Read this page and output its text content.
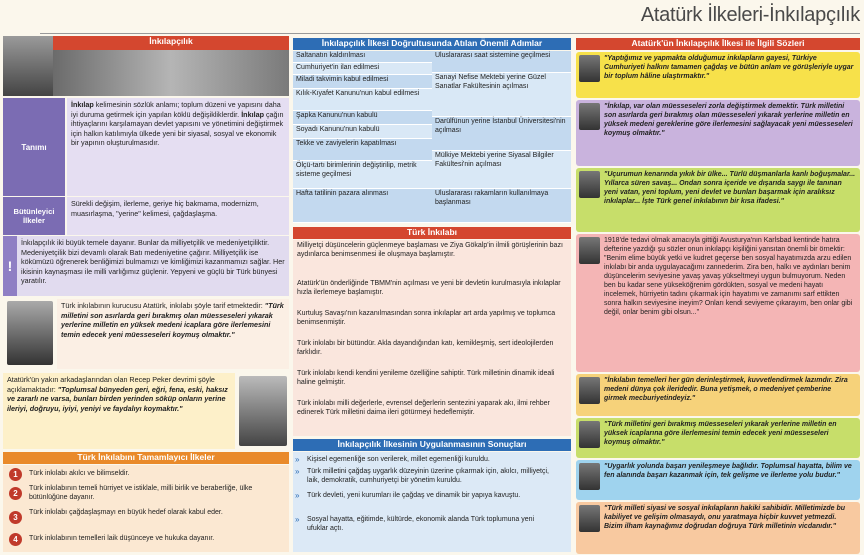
Atatürk İlkeleri-İnkılapçılık
İnkılapçılık
Tanımı
İnkılap kelimesinin sözlük anlamı; toplum düzeni ve yapısını daha iyi duruma getirmek için yapılan köklü değişikliklerdir. İnkılap çağın ihtiyaçlarını karşılamayan devlet yapısını ve yönetimini değiştirmek için halkın katılımıyla ülkede yeni bir siyasal, sosyal ve ekonomik bir yapının oluşturulmasıdır.
Bütünleyici İlkeler
Sürekli değişim, ilerleme, geriye hiç bakmama, modernizm, muasırlaşma, "yerine" kelimesi, çağdaşlaşma.
!
İnkılapçılık iki büyük temele dayanır. Bunlar da milliyetçilik ve medeniyetçiliktir. Medeniyetçilik bizi devamlı olarak Batı medeniyetine çağırır. Milliyetçilik ise kökümüzü öğrenerek benliğimizi bulmamızı ve kimliğimizi kazanmamızı sağlar. Her ikisinin kaynaşması ile milli varlığımız güçlenir. Yepyeni ve güçlü bir Türk bünyesi yaratılır.
Türk inkılabının kurucusu Atatürk, inkılabı şöyle tarif etmektedir: "Türk milletini son asırlarda geri bırakmış olan müesseseleri yıkarak yerlerine milletin en yüksek medeni icaplara göre ilerlemesini temin edecek yeni müesseseleri koymuş olmaktır."
Atatürk'ün yakın arkadaşlarından olan Recep Peker devrimi şöyle açıklamaktadır: "Toplumsal bünyeden geri, eğri, fena, eski, haksız ve zararlı ne varsa, bunları birden yerinden söküp onların yerine ileriyi, doğruyu, iyiyi, yeniyi ve faydalıyı koymaktır."
Türk İnkılabını Tamamlayıcı İlkeler
1	Türk inkılabı akılcı ve bilimseldir.
2
Türk inkılabının temeli hürriyet ve istiklale, milli birlik ve beraberliğe, ülke bütünlüğüne dayanır.
3
Türk inkılabı çağdaşlaşmayı en büyük hedef olarak kabul eder.
4	Türk inkılabının temelleri laik düşünceye ve hukuka dayanır.
İnkılapçılık İlkesi Doğrultusunda Atılan Önemli Adımlar
Saltanatın kaldırılması
Cumhuriyet'in ilan edilmesi
Miladi takvimin kabul edilmesi
Kılık-Kıyafet Kanunu'nun kabul edilmesi
Şapka Kanunu'nun kabulü
Soyadı Kanunu'nun kabulü
Tekke ve zaviyelerin kapatılması
Ölçü-tartı birimlerinin değiştirilip, metrik sisteme geçilmesi
Hafta tatilinin pazara alınması
Uluslararası saat sistemine geçilmesi
Sanayi Nefise Mektebi yerine Güzel Sanatlar Fakültesinin açılması
Darülfünun yerine İstanbul Üniversitesi'nin açılması
Mülkiye Mektebi yerine Siyasal Bilgiler Fakültesi'nin açılması
Uluslararası rakamların kullanılmaya başlanması
Türk İnkılabı
Milliyetçi düşüncelerin güçlenmeye başlaması ve Ziya Gökalp'in ilmili görüşlerinin bazı aydınlarca benimsenmesi ile oluşmaya başlamıştır.
Atatürk'ün önderliğinde TBMM'nin açılması ve yeni bir devletin kurulmasıyla inkılaplar hızla ilerlemeye başlamıştır.
Kurtuluş Savaşı'nın kazanılmasından sonra inkılaplar art arda yapılmış ve toplumca benimsenmiştir.
Türk inkılabı bir bütündür. Akla dayandığından katı, kemikleşmiş, sert ideolojilerden farklıdır.
Türk inkılabı kendi kendini yenileme özelliğine sahiptir. Türk milletinin dinamik ideali haline gelmiştir.
Türk inkılabı milli değerlerle, evrensel değerlerin sentezini yaparak akı, ilmi rehber edinerek Türk milletini daima ileri götürmeyi hedeflemiştir.
İnkılapçılık İlkesinin Uygulanmasının Sonuçları
» Kişisel egemenliğe son verilerek, millet egemenliği kuruldu.
» Türk milletini çağdaş uygarlık düzeyinin üzerine çıkarmak için, akılcı, milliyetçi, laik, demokratik, cumhuriyetçi bir yönetim kuruldu.
» Türk devleti, yeni kurumları ile çağdaş ve dinamik bir yapıya kavuştu.
» Sosyal hayatta, eğitimde, kültürde, ekonomik alanda Türk toplumuna yeni ufuklar açtı.
Atatürk'ün İnkılapçılık İlkesi ile İlgili Sözleri
"Yaptığımız ve yapmakta olduğumuz inkılapların gayesi, Türkiye Cumhuriyeti halkını tamamen çağdaş ve bütün anlam ve görüşleriyle uygar bir toplum hâline ulaştırmaktır."
"İnkılap, var olan müesseseleri zorla değiştirmek demektir. Türk milletini son asırlarda geri bırakmış olan müesseseleri yıkarak yerlerine milletin en yüksek medeni gereklerine göre ilerlemesini sağlayacak yeni müesseseleri koymuş olmaktır."
"Uçurumun kenarında yıkık bir ülke... Türlü düşmanlarla kanlı boğuşmalar... Yıllarca süren savaş... Ondan sonra içeride ve dışarıda saygı ile tanınan yeni vatan, yeni toplum, yeni devlet ve bunları başarmak için aralıksız inkılaplar... İşte Türk genel inkılabının bir kısa ifadesi."
1918'de tedavi olmak amacıyla gittiği Avusturya'nın Karlsbad kentinde hatıra defterine yazdığı şu sözler onun inkılapçı kişiliğini yansıtan önemli bir örnektir: "Benim elime büyük yetki ve kudret geçerse ben sosyal hayatımızda arzu edilen inkılabı bir anda uygulayacağımı zannederim. Zira ben, halkı ve aydınları benim düşüncelerim seviyesine yavaş yavaş yükseltmeyi uygun bulmuyorum. Neden ben bu kadar sene yükseköğrenim gördükten, sosyal ve medeni hayatı incelemek, hürriyetin tadını çıkarmak için hayatımı ve zamanımı sarf ettikten sonra halkın seviyesine ineyim? Onları kendi seviyeme çıkarayım, ben onlar gibi değil, onlar benim gibi olsun..."
"İnkılabın temelleri her gün derinleştirmek, kuvvetlendirmek lazımdır. Zira medeni dünya çok ileridedir. Buna yetişmek, o medeniyet çemberine girmek mecburiyetindeyiz."
"Türk milletini geri bırakmış müesseseleri yıkarak yerlerine milletin en yüksek icaplarına göre ilerlemesini temin edecek yeni müesseseleri koymuş olmaktır."
"Uygarlık yolunda başarı yenileşmeye bağlıdır. Toplumsal hayatta, bilim ve fen alanında başarı kazanmak için, tek gelişme ve ilerleme yolu budur."
"Türk milleti siyasi ve sosyal inkılapların hakiki sahibidir. Milletimizde bu kabiliyet ve gelişim olmasaydı, onu yaratmaya hiçbir kuvvet yetmezdi. Bizim ilham kaynağımız doğrudan doğruya Türk milletinin vicdanıdır."
